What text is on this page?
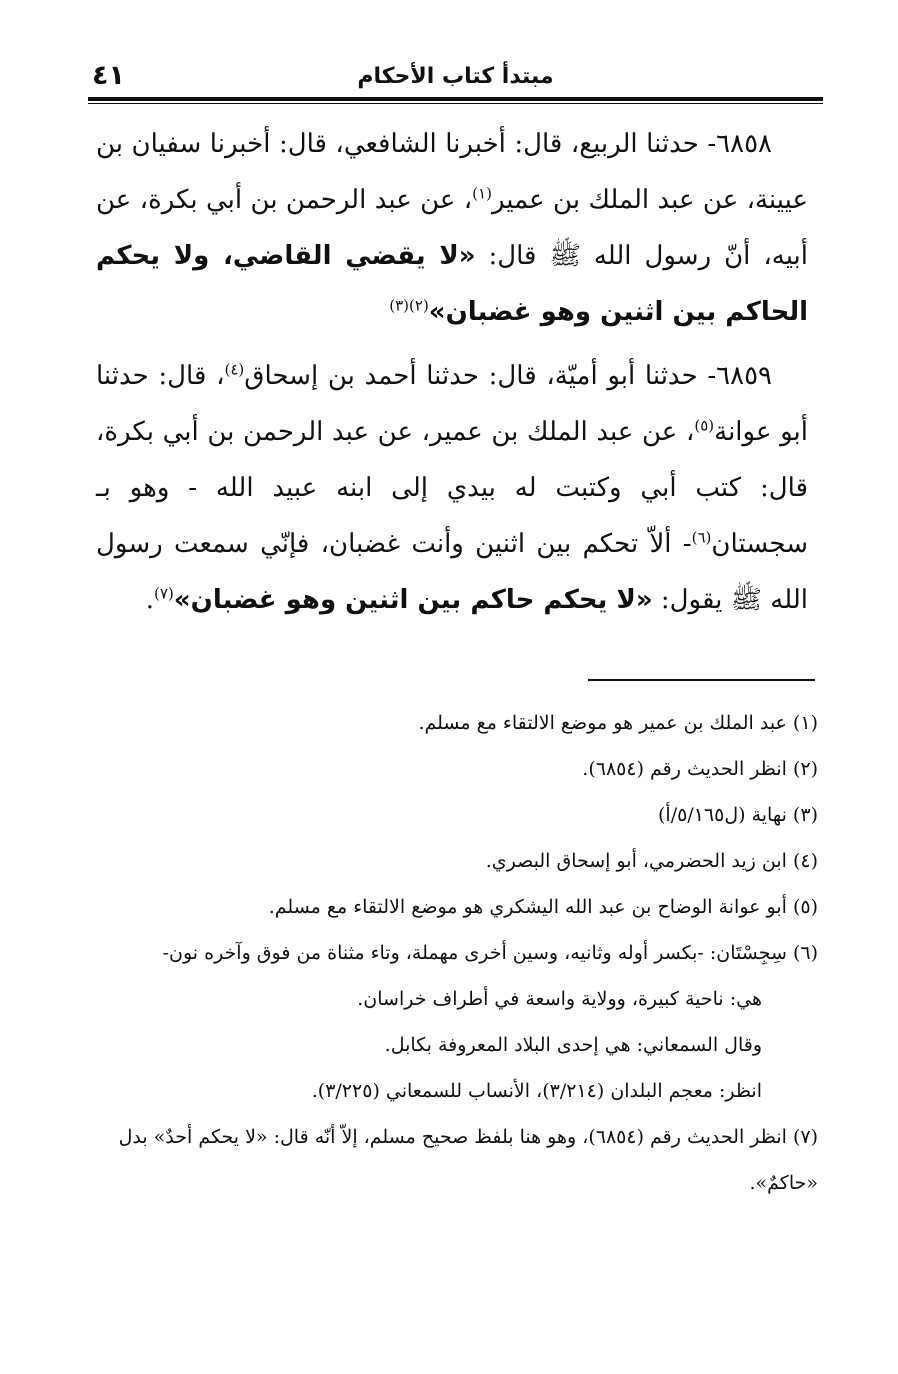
مبتدأ كتاب الأحكام
٤١

٦٨٥٨- حدثنا الربيع، قال: أخبرنا الشافعي، قال: أخبرنا سفيان بن عيينة، عن عبد الملك بن عمير$^{(١)}$، عن عبد الرحمن بن أبي بكرة، عن أبيه، أنّ رسول الله ﷺ قال: «لا يقضي القاضي، ولا يحكم الحاكم بين اثنين وهو غضبان»$^{(٢)(٣)}$

٦٨٥٩- حدثنا أبو أميّة، قال: حدثنا أحمد بن إسحاق$^{(٤)}$، قال: حدثنا أبو عوانة$^{(٥)}$، عن عبد الملك بن عمير، عن عبد الرحمن بن أبي بكرة، قال: كتب أبي وكتبت له بيدي إلى ابنه عبيد الله - وهو بـ سجستان$^{(٦)}$- ألاّ تحكم بين اثنين وأنت غضبان، فإنّي سمعت رسول الله ﷺ يقول: «لا يحكم حاكم بين اثنين وهو غضبان»$^{(٧)}$.

(١) عبد الملك بن عمير هو موضع الالتقاء مع مسلم.

(٢) انظر الحديث رقم (٦٨٥٤).

(٣) نهاية (ل٥/١٦٥/أ)

(٤) ابن زيد الحضرمي، أبو إسحاق البصري.

(٥) أبو عوانة الوضاح بن عبد الله اليشكري هو موضع الالتقاء مع مسلم.

(٦) سِجِسْتَان: -بكسر أوله وثانيه، وسين أخرى مهملة، وتاء مثناة من فوق وآخره نون-

هي: ناحية كبيرة، وولاية واسعة في أطراف خراسان.

وقال السمعاني: هي إحدى البلاد المعروفة بكابل.

انظر: معجم البلدان (٣/٢١٤)، الأنساب للسمعاني (٣/٢٢٥).

(٧) انظر الحديث رقم (٦٨٥٤)، وهو هنا بلفظ صحيح مسلم، إلاّ أنّه قال: «لا يحكم أحدٌ» بدل «حاكمٌ».
